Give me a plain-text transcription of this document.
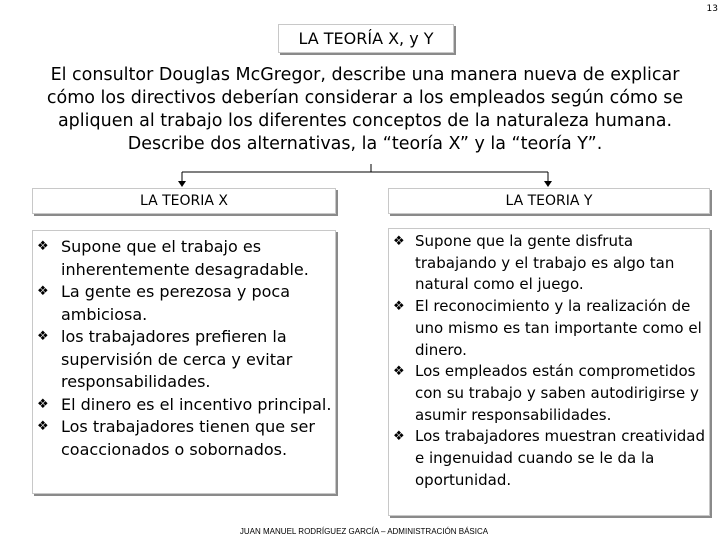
13
LA TEORÍA X, y Y

El consultor Douglas McGregor, describe una manera nueva de explicar cómo los directivos deberían considerar a los empleados según cómo se apliquen al trabajo los diferentes conceptos de la naturaleza humana. Describe dos alternativas, la “teoría X” y la “teoría Y”.

LA TEORIA X	LA TEORIA Y
❖ Supone que el trabajo es inherentemente desagradable.
❖ La gente es perezosa y poca ambiciosa.
❖ los trabajadores prefieren la supervisión de cerca y evitar responsabilidades.
❖ El dinero es el incentivo principal.
❖ Los trabajadores tienen que ser coaccionados o sobornados.
❖ Supone que la gente disfruta trabajando y el trabajo es algo tan natural como el juego.
❖ El reconocimiento y la realización de uno mismo es tan importante como el dinero.
❖ Los empleados están comprometidos con su trabajo y saben autodirigirse y asumir responsabilidades.
❖ Los trabajadores muestran creatividad e ingenuidad cuando se le da la oportunidad.
JUAN MANUEL RODRÍGUEZ GARCÍA – ADMINISTRACIÓN BÁSICA
